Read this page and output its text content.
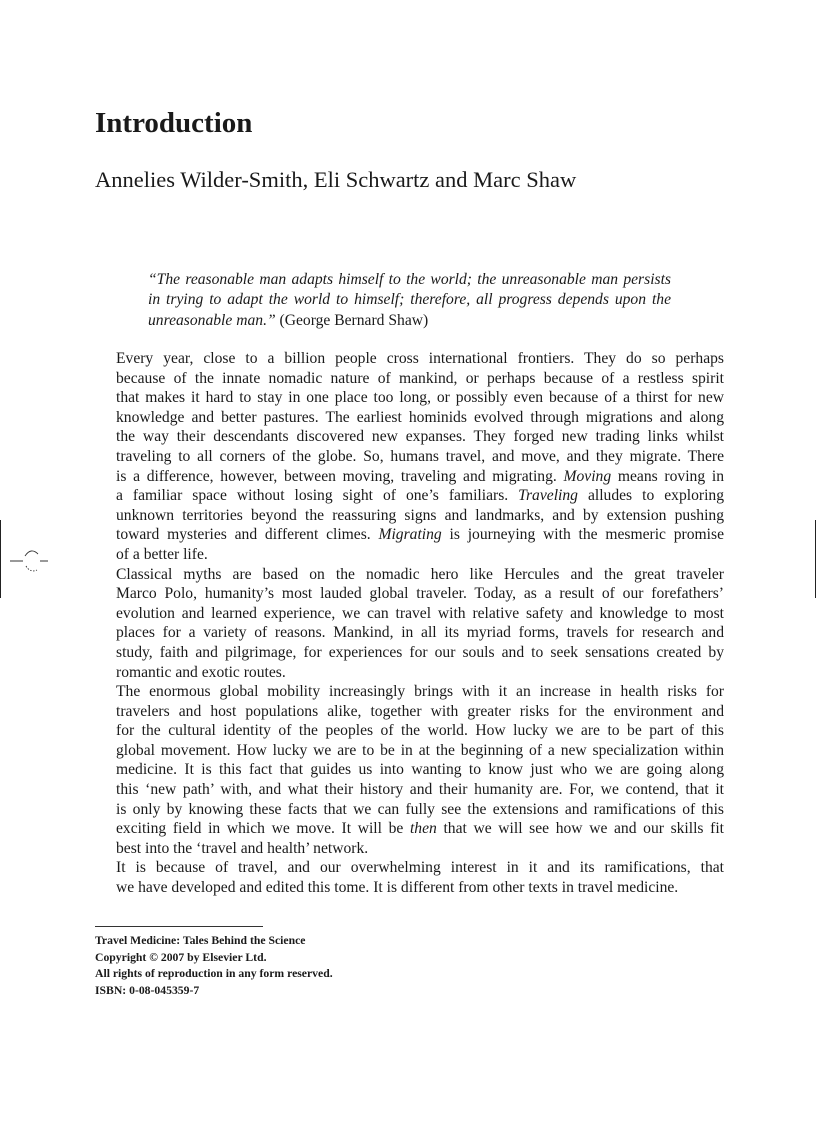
Introduction
Annelies Wilder-Smith, Eli Schwartz and Marc Shaw

“The reasonable man adapts himself to the world; the unreasonable man persists in trying to adapt the world to himself; therefore, all progress depends upon the unreasonable man.” (George Bernard Shaw)

Every year, close to a billion people cross international frontiers. They do so perhaps
because of the innate nomadic nature of mankind, or perhaps because of a restless spirit
that makes it hard to stay in one place too long, or possibly even because of a thirst for new
knowledge and better pastures. The earliest hominids evolved through migrations and along
the way their descendants discovered new expanses. They forged new trading links whilst
traveling to all corners of the globe. So, humans travel, and move, and they migrate. There
is a difference, however, between moving, traveling and migrating. Moving means roving in
a familiar space without losing sight of one’s familiars. Traveling alludes to exploring
unknown territories beyond the reassuring signs and landmarks, and by extension pushing
toward mysteries and different climes. Migrating is journeying with the mesmeric promise
of a better life.

Classical myths are based on the nomadic hero like Hercules and the great traveler
Marco Polo, humanity’s most lauded global traveler. Today, as a result of our forefathers’
evolution and learned experience, we can travel with relative safety and knowledge to most
places for a variety of reasons. Mankind, in all its myriad forms, travels for research and
study, faith and pilgrimage, for experiences for our souls and to seek sensations created by
romantic and exotic routes.

The enormous global mobility increasingly brings with it an increase in health risks for
travelers and host populations alike, together with greater risks for the environment and
for the cultural identity of the peoples of the world. How lucky we are to be part of this
global movement. How lucky we are to be in at the beginning of a new specialization within
medicine. It is this fact that guides us into wanting to know just who we are going along
this ‘new path’ with, and what their history and their humanity are. For, we contend, that it
is only by knowing these facts that we can fully see the extensions and ramifications of this
exciting field in which we move. It will be then that we will see how we and our skills fit
best into the ‘travel and health’ network.

It is because of travel, and our overwhelming interest in it and its ramifications, that
we have developed and edited this tome. It is different from other texts in travel medicine.

Travel Medicine: Tales Behind the Science
Copyright © 2007 by Elsevier Ltd.
All rights of reproduction in any form reserved.
ISBN: 0-08-045359-7
